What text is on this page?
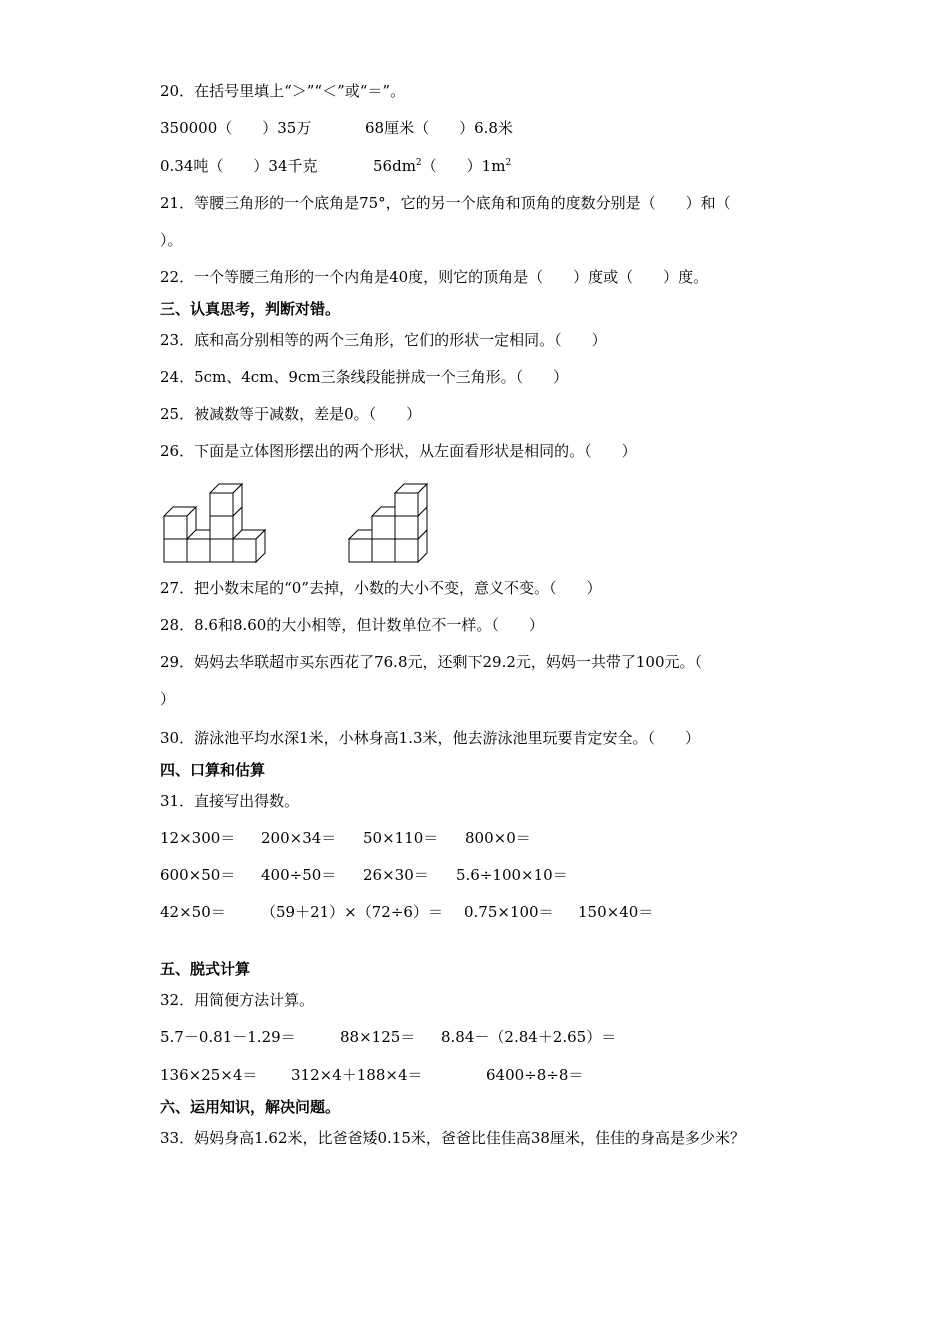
20．在括号里填上“＞”“＜”或“＝”。
350000（　　）35万	68厘米（　　）6.8米
0.34吨（　　）34千克	$56dm^2$（　　）$1m^2$
21．等腰三角形的一个底角是75°，它的另一个底角和顶角的度数分别是（　　）和（
）。
22．一个等腰三角形的一个内角是40度，则它的顶角是（　　）度或（　　）度。
三、认真思考，判断对错。
23．底和高分别相等的两个三角形，它们的形状一定相同。（　　）
24．5cm、4cm、9cm三条线段能拼成一个三角形。（　　）
25．被减数等于减数，差是0。（　　）
26．下面是立体图形摆出的两个形状，从左面看形状是相同的。（　　）
27．把小数末尾的“0”去掉，小数的大小不变，意义不变。（　　）
28．8.6和8.60的大小相等，但计数单位不一样。（　　）
29．妈妈去华联超市买东西花了76.8元，还剩下29.2元，妈妈一共带了100元。（
）
30．游泳池平均水深1米，小林身高1.3米，他去游泳池里玩要肯定安全。（　　）
四、口算和估算
31．直接写出得数。
12×300＝ 200×34＝ 50×110＝ 800×0＝
600×50＝ 400÷50＝ 26×30＝ 5.6÷100×10＝
42×50＝ （59＋21）×（72÷6）＝ 0.75×100＝ 150×40＝
五、脱式计算
32．用简便方法计算。
5.7－0.81－1.29＝	88×125＝ 8.84－（2.84＋2.65）＝
136×25×4＝ 312×4＋188×4＝	6400÷8÷8＝
六、运用知识，解决问题。
33．妈妈身高1.62米，比爸爸矮0.15米，爸爸比佳佳高38厘米，佳佳的身高是多少米？
